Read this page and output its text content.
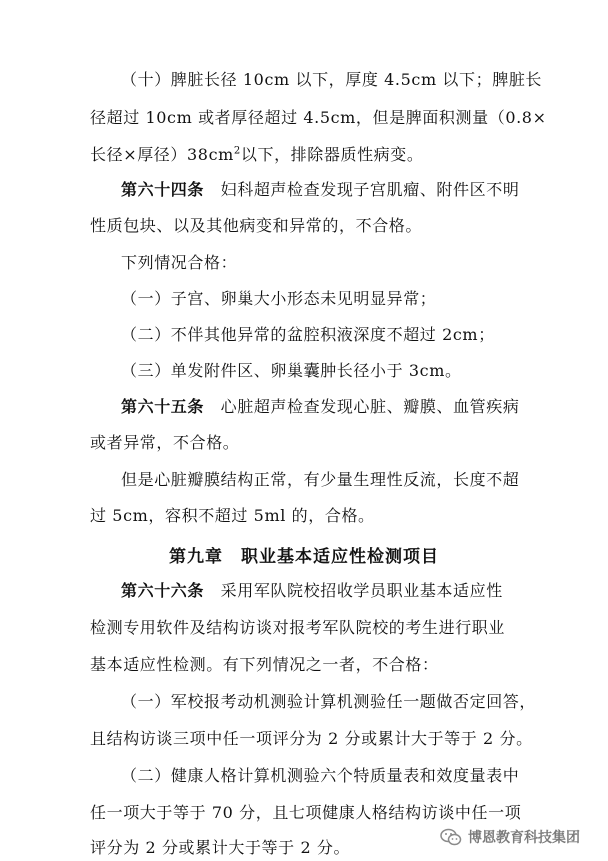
（十）脾脏长径 10cm 以下，厚度 4.5cm 以下；脾脏长
径超过 10cm 或者厚径超过 4.5cm，但是脾面积测量（0.8×
长径×厚径）$38cm^2$以下，排除器质性病变。
第六十四条　妇科超声检查发现子宫肌瘤、附件区不明
性质包块、以及其他病变和异常的，不合格。
下列情况合格：
（一）子宫、卵巢大小形态未见明显异常；
（二）不伴其他异常的盆腔积液深度不超过 2cm；
（三）单发附件区、卵巢囊肿长径小于 3cm。
第六十五条　心脏超声检查发现心脏、瓣膜、血管疾病
或者异常，不合格。
但是心脏瓣膜结构正常，有少量生理性反流，长度不超
过 5cm，容积不超过 5ml 的，合格。
第九章　职业基本适应性检测项目
第六十六条　采用军队院校招收学员职业基本适应性
检测专用软件及结构访谈对报考军队院校的考生进行职业
基本适应性检测。有下列情况之一者，不合格：
（一）军校报考动机测验计算机测验任一题做否定回答，
且结构访谈三项中任一项评分为 2 分或累计大于等于 2 分。
（二）健康人格计算机测验六个特质量表和效度量表中
任一项大于等于 70 分，且七项健康人格结构访谈中任一项
评分为 2 分或累计大于等于 2 分。	博恩教育科技集团
